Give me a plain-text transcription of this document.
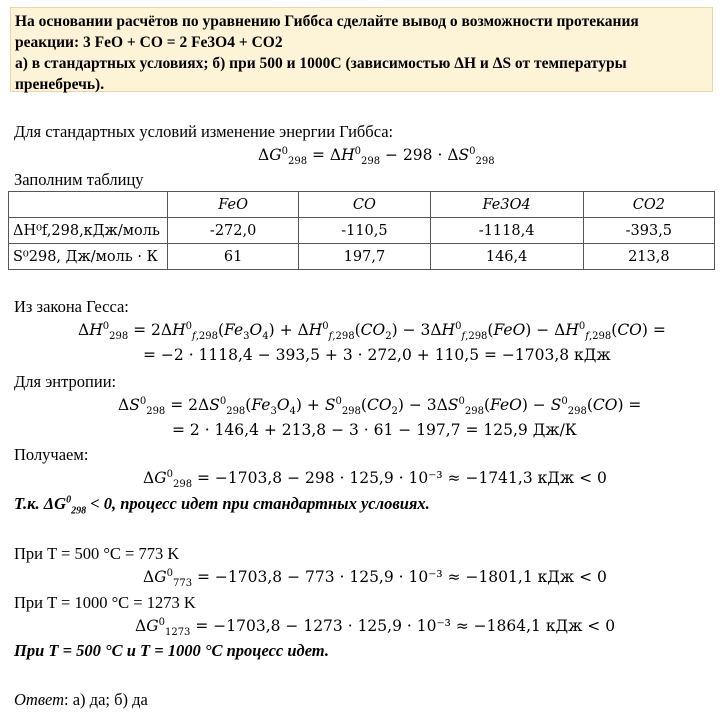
На основании расчётов по уравнению Гиббса сделайте вывод о возможности протекания
реакции: 3 FeO + CO = 2 Fe3O4 + CO2
а) в стандартных условиях; б) при 500 и 1000С (зависимостью ΔH и ΔS от температуры
пренебречь).
Для стандартных условий изменение энергии Гиббса:
$\Delta G^0_{298} = \Delta H^0_{298} - 298 \cdot \Delta S^0_{298}$
Заполним таблицу
	FeO	CO	Fe3O4	CO2
ΔH⁰f,298,кДж/моль	-272,0	-110,5	-1118,4	-393,5
S⁰298, Дж/моль · К	61	197,7	146,4	213,8
Из закона Гесса:
$\Delta H^0_{298} = 2\Delta H^0_{f,298}(Fe_3O_4) + \Delta H^0_{f,298}(CO_2) - 3\Delta H^0_{f,298}(FeO) - \Delta H^0_{f,298}(CO)$ =
= −2 · 1118,4 − 393,5 + 3 · 272,0 + 110,5 = −1703,8 кДж
Для энтропии:
$\Delta S^0_{298} = 2\Delta S^0_{298}(Fe_3O_4) + S^0_{298}(CO_2) - 3\Delta S^0_{298}(FeO) - S^0_{298}(CO)$ =
= 2 · 146,4 + 213,8 − 3 · 61 − 197,7 = 125,9 Дж/К
Получаем:
$\Delta G^0_{298} = -1703,8 - 298 \cdot 125,9 \cdot 10^{-3} \approx -1741,3$ кДж < 0
Т.к. $\Delta G^0_{298} < 0$, процесс идет при стандартных условиях.
При T = 500 °C = 773 K
$\Delta G^0_{773} = -1703,8 - 773 \cdot 125,9 \cdot 10^{-3} \approx -1801,1$ кДж < 0
При T = 1000 °C = 1273 K
$\Delta G^0_{1273} = -1703,8 - 1273 \cdot 125,9 \cdot 10^{-3} \approx -1864,1$ кДж < 0
При T = 500 °C и T = 1000 °C процесс идет.
Ответ: а) да; б) да
